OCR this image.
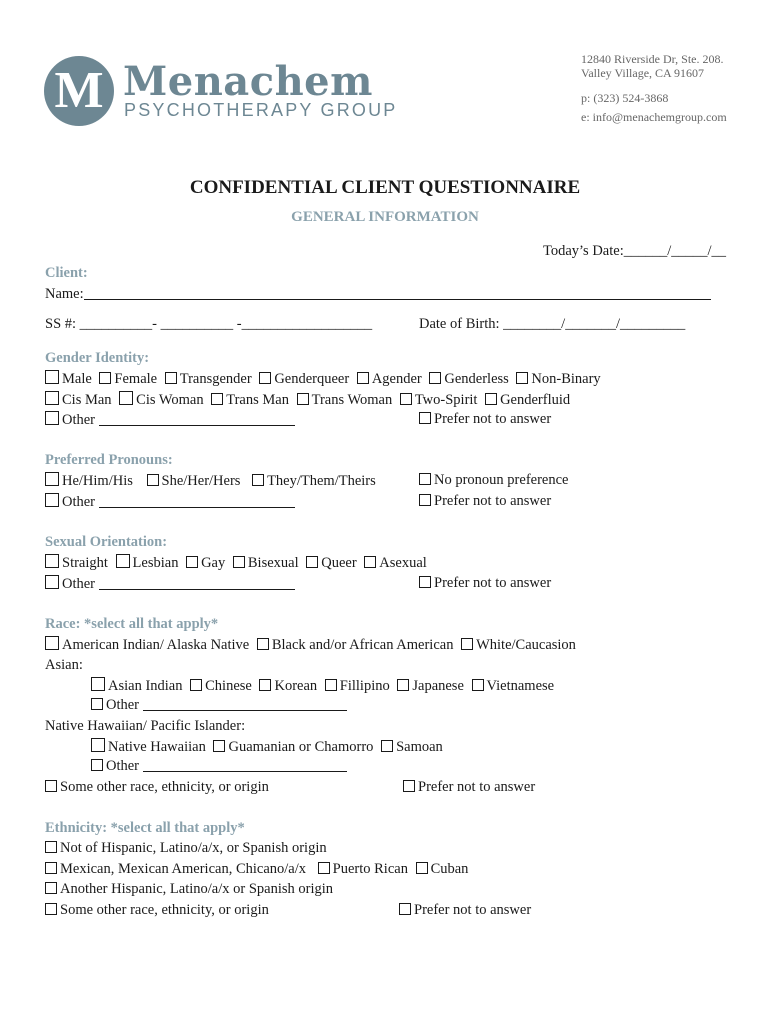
M Menachem
PSYCHOTHERAPY GROUP
12840 Riverside Dr, Ste. 208.
Valley Village, CA 91607
p: (323) 524-3868
e: info@menachemgroup.com
CONFIDENTIAL CLIENT QUESTIONNAIRE
GENERAL INFORMATION
Today’s Date:______/_____/__
Client:
Name:
SS #: __________- __________ -__________________	Date of Birth: ________/_______/_________
Gender Identity:
Male Female Transgender Genderqueer Agender Genderless Non-Binary
Cis Man Cis Woman Trans Man Trans Woman Two-Spirit Genderfluid
Other	Prefer not to answer
Preferred Pronouns:
He/Him/His She/Her/Hers They/Them/Theirs	No pronoun preference
Other	Prefer not to answer
Sexual Orientation:
Straight Lesbian Gay Bisexual Queer Asexual
Other	Prefer not to answer
Race: *select all that apply*
American Indian/ Alaska Native Black and/or African American White/Caucasion
Asian:
Asian Indian Chinese Korean Fillipino Japanese Vietnamese
Other
Native Hawaiian/ Pacific Islander:
Native Hawaiian Guamanian or Chamorro Samoan
Other
Some other race, ethnicity, or origin	Prefer not to answer
Ethnicity: *select all that apply*
Not of Hispanic, Latino/a/x, or Spanish origin
Mexican, Mexican American, Chicano/a/x Puerto Rican Cuban
Another Hispanic, Latino/a/x or Spanish origin
Some other race, ethnicity, or origin	Prefer not to answer
